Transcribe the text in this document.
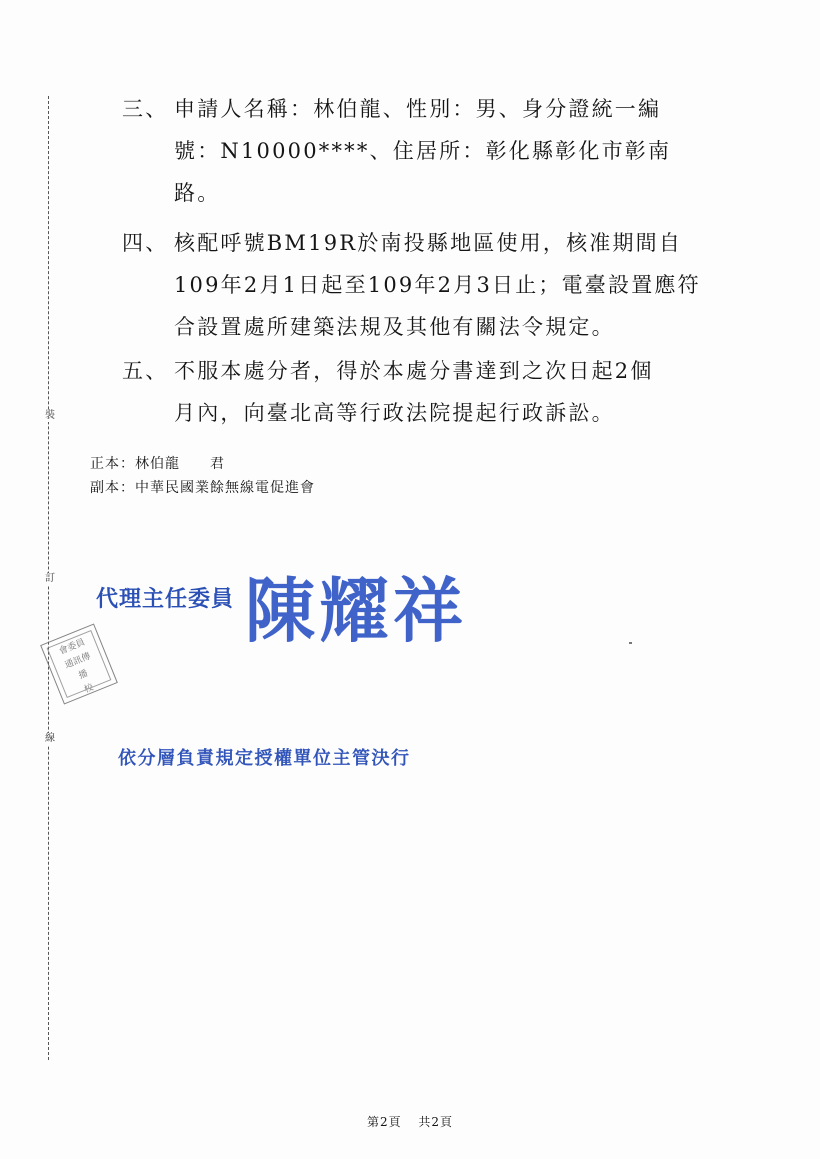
裝
訂
線
三、 申請人名稱：林伯龍、性別：男、身分證統一編
號：N10000****、住居所：彰化縣彰化市彰南
路。
四、 核配呼號BM19R於南投縣地區使用，核准期間自
109年2月1日起至109年2月3日止；電臺設置應符
合設置處所建築法規及其他有關法令規定。
五、 不服本處分者，得於本處分書達到之次日起2個
月內，向臺北高等行政法院提起行政訴訟。
正本：林伯龍　　君
副本：中華民國業餘無線電促進會
代理主任委員 陳耀祥
會委員
通訊傳
播
校
依分層負責規定授權單位主管決行
第2頁 共2頁
